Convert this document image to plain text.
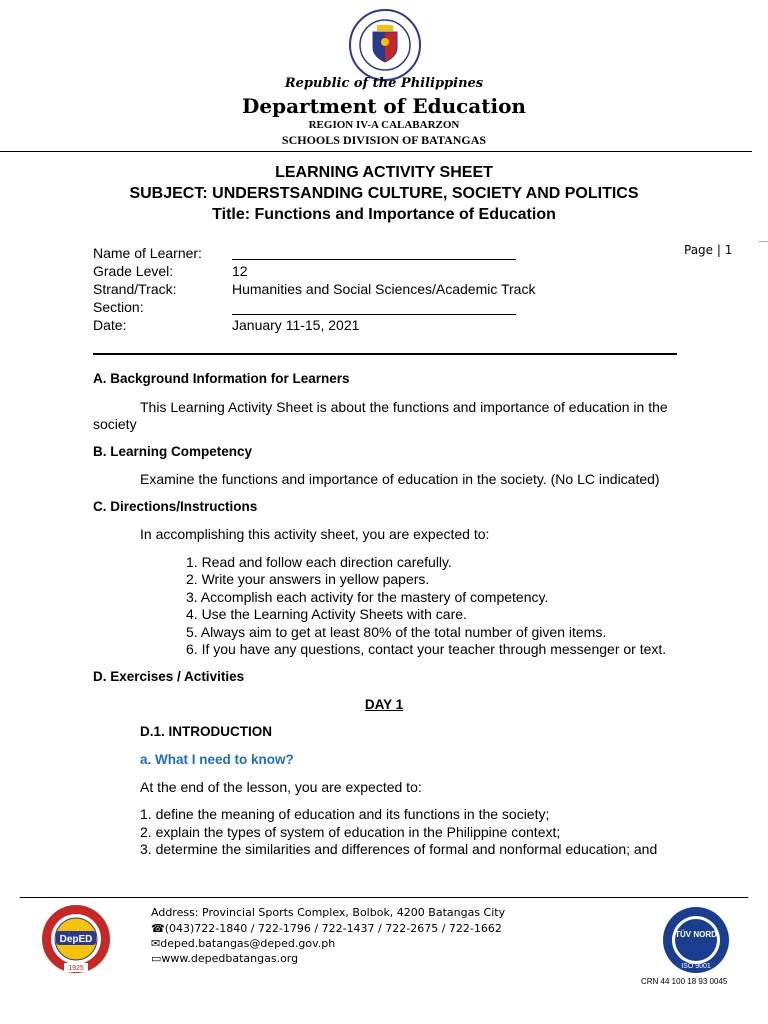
Republic of the Philippines
Department of Education
REGION IV-A CALABARZON
SCHOOLS DIVISION OF BATANGAS
LEARNING ACTIVITY SHEET
SUBJECT: UNDERSTSANDING CULTURE, SOCIETY AND POLITICS
Title: Functions and Importance of Education
Page | 1
Name of Learner:
Grade Level:	12
Strand/Track:	Humanities and Social Sciences/Academic Track
Section:
Date:	January 11-15, 2021
A. Background Information for Learners
This Learning Activity Sheet is about the functions and importance of education in the
society
B. Learning Competency
Examine the functions and importance of education in the society. (No LC indicated)
C. Directions/Instructions
In accomplishing this activity sheet, you are expected to:
1. Read and follow each direction carefully.
2. Write your answers in yellow papers.
3. Accomplish each activity for the mastery of competency.
4. Use the Learning Activity Sheets with care.
5. Always aim to get at least 80% of the total number of given items.
6. If you have any questions, contact your teacher through messenger or text.
D. Exercises / Activities
DAY 1
D.1. INTRODUCTION
a. What I need to know?
At the end of the lesson, you are expected to:
1. define the meaning of education and its functions in the society;
2. explain the types of system of education in the Philippine context;
3. determine the similarities and differences of formal and nonformal education; and
DepED
1925
Address: Provincial Sports Complex, Bolbok, 4200 Batangas City
☎(043)722-1840 / 722-1796 / 722-1437 / 722-2675 / 722-1662
✉deped.batangas@deped.gov.ph
▭www.depedbatangas.org
TÜV NORD
ISO 9001
CRN 44 100 18 93 0045
